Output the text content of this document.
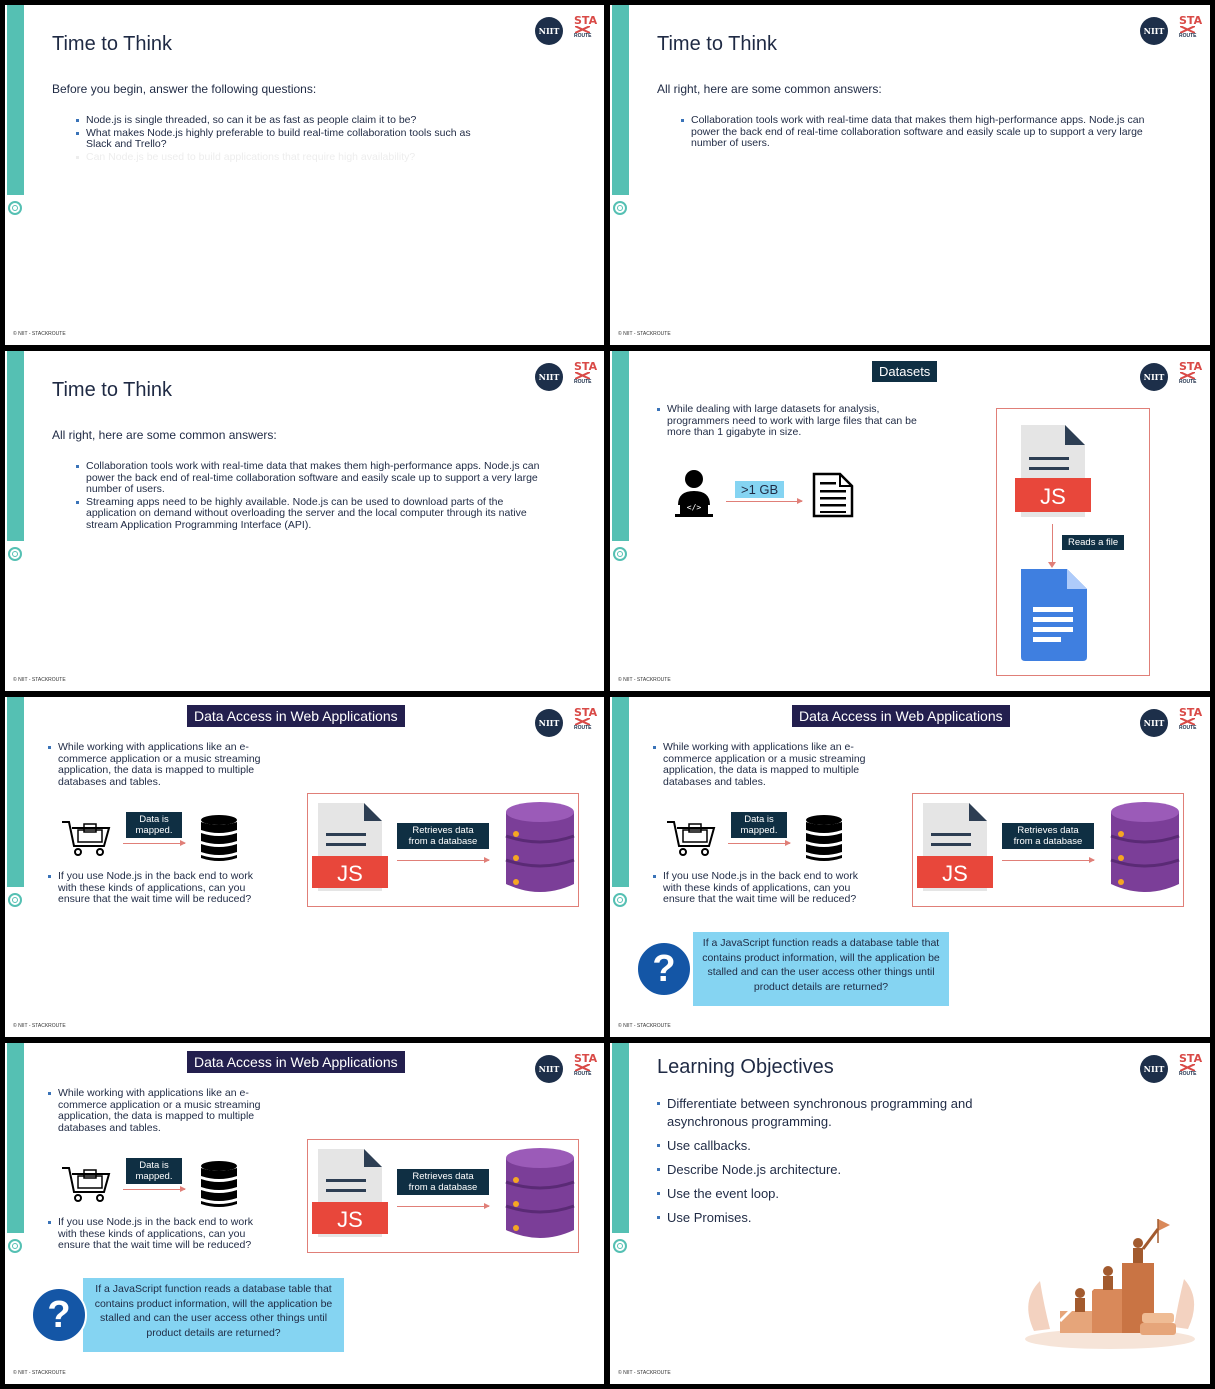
NIIT
STA
ROUTE
Time to Think
Before you begin, answer the following questions:
Node.js is single threaded, so can it be as fast as people claim it to be?
What makes Node.js highly preferable to build real-time collaboration tools such as Slack and Trello?
Can Node.js be used to build applications that require high availability?
© NIIT - STACKROUTE
NIIT
STA
ROUTE
Time to Think
All right, here are some common answers:
Collaboration tools work with real-time data that makes them high-performance apps. Node.js can power the back end of real-time collaboration software and easily scale up to support a very large number of users.
© NIIT - STACKROUTE
NIIT
STA
ROUTE
Time to Think
All right, here are some common answers:
Collaboration tools work with real-time data that makes them high-performance apps. Node.js can power the back end of real-time collaboration software and easily scale up to support a very large number of users.
Streaming apps need to be highly available. Node.js can be used to download parts of the application on demand without overloading the server and the local computer through its native stream Application Programming Interface (API).
© NIIT - STACKROUTE
NIIT
STA
ROUTE
Datasets
While dealing with large datasets for analysis, programmers need to work with large files that can be more than 1 gigabyte in size.
</>
>1 GB	JS
Reads a file
© NIIT - STACKROUTE
NIIT
STA
ROUTE
Data Access in Web Applications
While working with applications like an e-commerce application or a music streaming application, the data is mapped to multiple databases and tables.
Data is mapped.
If you use Node.js in the back end to work with these kinds of applications, can you ensure that the wait time will be reduced?
JS
Retrieves data from a database
© NIIT - STACKROUTE
NIIT
STA
ROUTE
Data Access in Web Applications
While working with applications like an e-commerce application or a music streaming application, the data is mapped to multiple databases and tables.
Data is mapped.
If you use Node.js in the back end to work with these kinds of applications, can you ensure that the wait time will be reduced?
JS
Retrieves data from a database
If a JavaScript function reads a database table that contains product information, will the application be stalled and can the user access other things until product details are returned?
?
© NIIT - STACKROUTE
NIIT
STA
ROUTE
Data Access in Web Applications
While working with applications like an e-commerce application or a music streaming application, the data is mapped to multiple databases and tables.
Data is mapped.
If you use Node.js in the back end to work with these kinds of applications, can you ensure that the wait time will be reduced?
JS
Retrieves data from a database
If a JavaScript function reads a database table that contains product information, will the application be stalled and can the user access other things until product details are returned?
?
© NIIT - STACKROUTE
NIIT
STA
ROUTE
Learning Objectives
Differentiate between synchronous programming and asynchronous programming.
Use callbacks.
Describe Node.js architecture.
Use the event loop.
Use Promises.
© NIIT - STACKROUTE
